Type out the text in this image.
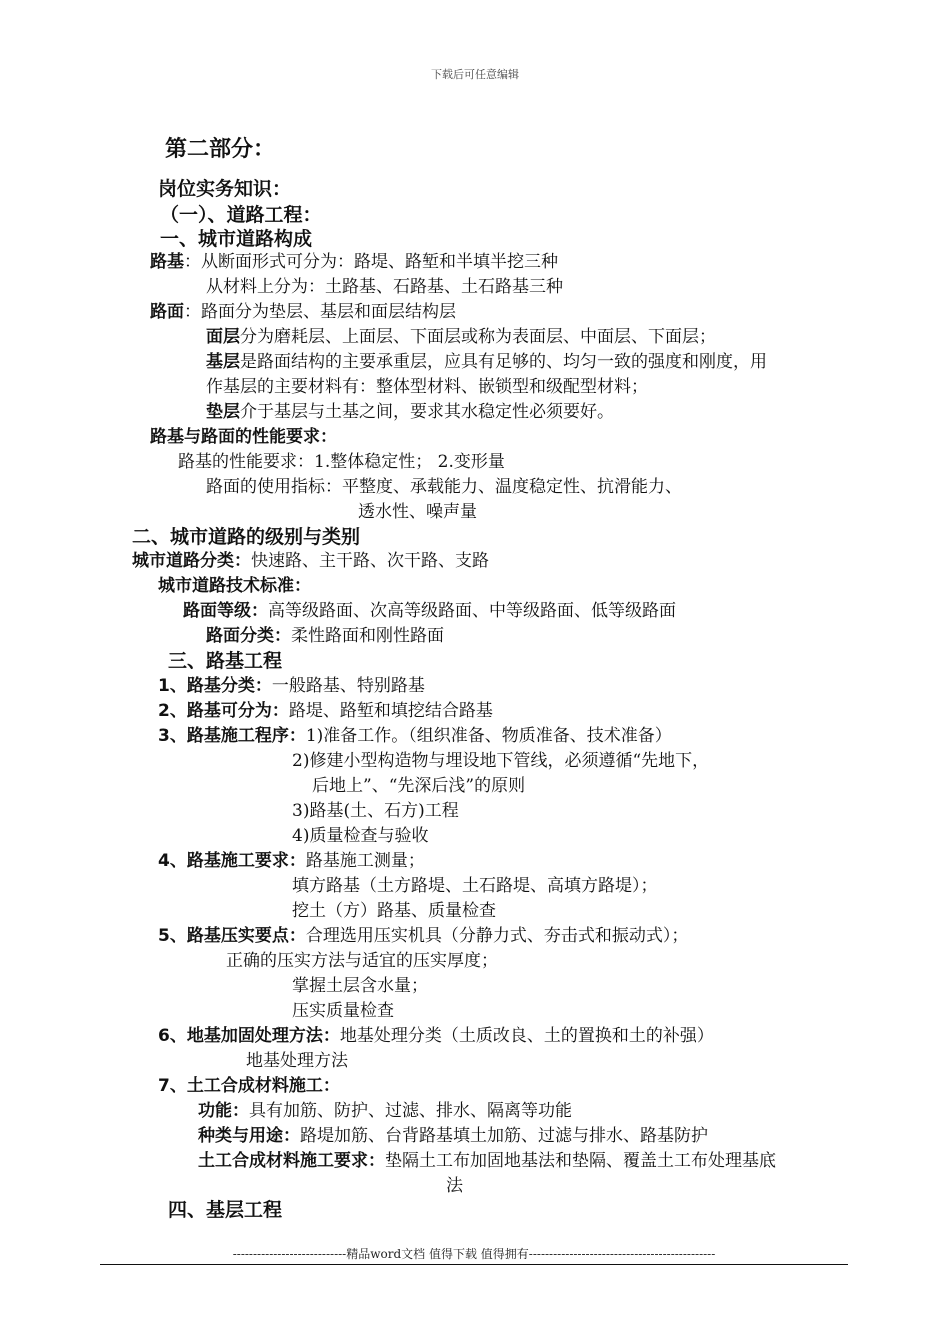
下载后可任意编辑
第二部分：
岗位实务知识：
（一）、道路工程：
一、城市道路构成
路基：从断面形式可分为：路堤、路堑和半填半挖三种
从材料上分为：土路基、石路基、土石路基三种
路面：路面分为垫层、基层和面层结构层
面层分为磨耗层、上面层、下面层或称为表面层、中面层、下面层；
基层是路面结构的主要承重层，应具有足够的、均匀一致的强度和刚度，用
作基层的主要材料有：整体型材料、嵌锁型和级配型材料；
垫层介于基层与土基之间，要求其水稳定性必须要好。
路基与路面的性能要求：
路基的性能要求：1.整体稳定性； 2.变形量
路面的使用指标：平整度、承载能力、温度稳定性、抗滑能力、
透水性、噪声量
二、城市道路的级别与类别
城市道路分类：快速路、主干路、次干路、支路
城市道路技术标准：
路面等级：高等级路面、次高等级路面、中等级路面、低等级路面
路面分类：柔性路面和刚性路面
三、路基工程
1、路基分类：一般路基、特别路基
2、路基可分为：路堤、路堑和填挖结合路基
3、路基施工程序：1)准备工作。（组织准备、物质准备、技术准备）
2)修建小型构造物与埋设地下管线，必须遵循“先地下，
后地上”、“先深后浅”的原则
3)路基(土、石方)工程
4)质量检查与验收
4、路基施工要求：路基施工测量；
填方路基（土方路堤、土石路堤、高填方路堤）；
挖土（方）路基、质量检查
5、路基压实要点：合理选用压实机具（分静力式、夯击式和振动式）；
正确的压实方法与适宜的压实厚度；
掌握土层含水量；
压实质量检查
6、地基加固处理方法：地基处理分类（土质改良、土的置换和土的补强）
地基处理方法
7、土工合成材料施工：
功能：具有加筋、防护、过滤、排水、隔离等功能
种类与用途：路堤加筋、台背路基填土加筋、过滤与排水、路基防护
土工合成材料施工要求：垫隔土工布加固地基法和垫隔、覆盖土工布处理基底
法
四、基层工程
----------------------------精品word文档 值得下载 值得拥有----------------------------------------------
